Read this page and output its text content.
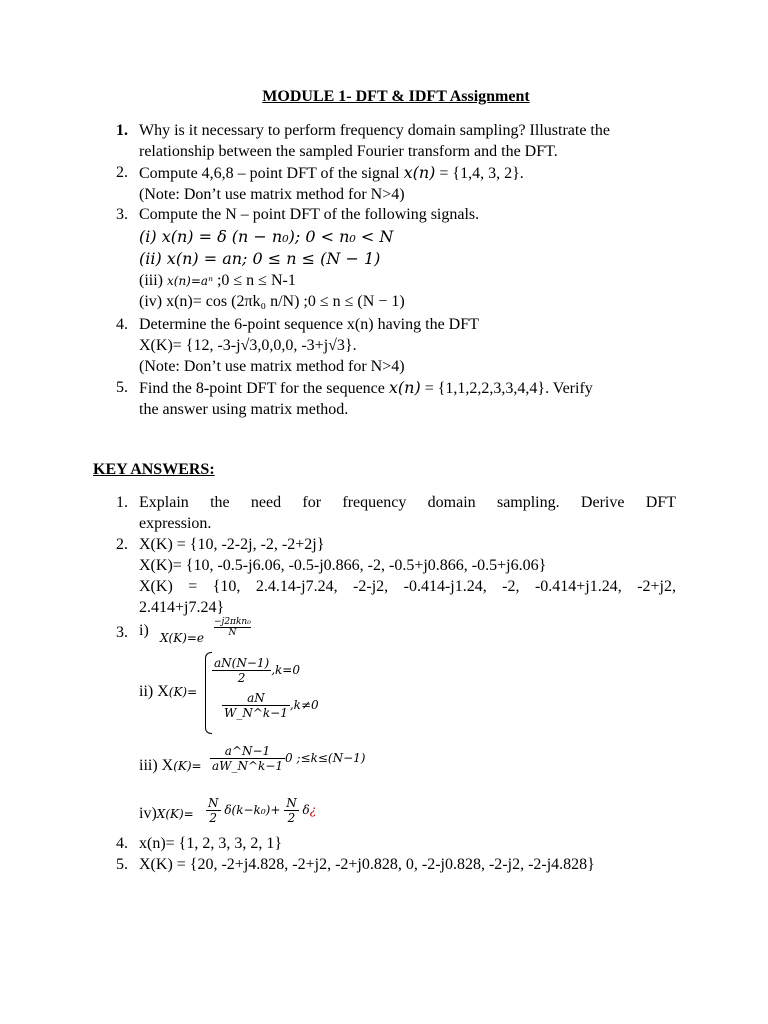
MODULE 1- DFT & IDFT Assignment
1. Why is it necessary to perform frequency domain sampling? Illustrate the
relationship between the sampled Fourier transform and the DFT.
2. Compute 4,6,8 – point DFT of the signal x(n) = {1,4, 3, 2}.
(Note: Don’t use matrix method for N>4)
3. Compute the N – point DFT of the following signals.
(i) x(n) = δ (n − n₀); 0 < n₀ < N
(ii) x(n) = an; 0 ≤ n ≤ (N − 1)
(iii) x(n)=aⁿ ;0 ≤ n ≤ N-1
(iv) x(n)= cos (2πk₀ n/N) ;0 ≤ n ≤ (N − 1)
4. Determine the 6-point sequence x(n) having the DFT
X(K)= {12, -3-j√3,0,0,0, -3+j√3}.
(Note: Don’t use matrix method for N>4)
5. Find the 8-point DFT for the sequence x(n) = {1,1,2,2,3,3,4,4}. Verify
the answer using matrix method.
KEY ANSWERS:
1. Explain the need for frequency domain sampling. Derive DFT
expression.
2. X(K) = {10, -2-2j, -2, -2+2j}
X(K)= {10, -0.5-j6.06, -0.5-j0.866, -2, -0.5+j0.866, -0.5+j6.06}
X(K) = {10, 2.4.14-j7.24, -2-j2, -0.414-j1.24, -2, -0.414+j1.24, -2+j2,
2.414+j7.24}
3. i) X(K)=e
−j2πkn₀
N
ii) X(K)=
$\frac{aN(N-1)}{2} ,k=0$
$\frac{aN}{W\_N\^{}k-1} ,k\ne 0$
iii) $X(K)= \frac{a\^{}N-1}{aW\_N\^{}k-1} 0$ ;≤k≤(N−1)
$iv)X(K)= \frac{N}{2} \delta(k-k_0)+ \frac{N}{2}$ δ¿
4. x(n)= {1, 2, 3, 3, 2, 1}
5. X(K) = {20, -2+j4.828, -2+j2, -2+j0.828, 0, -2-j0.828, -2-j2, -2-j4.828}
